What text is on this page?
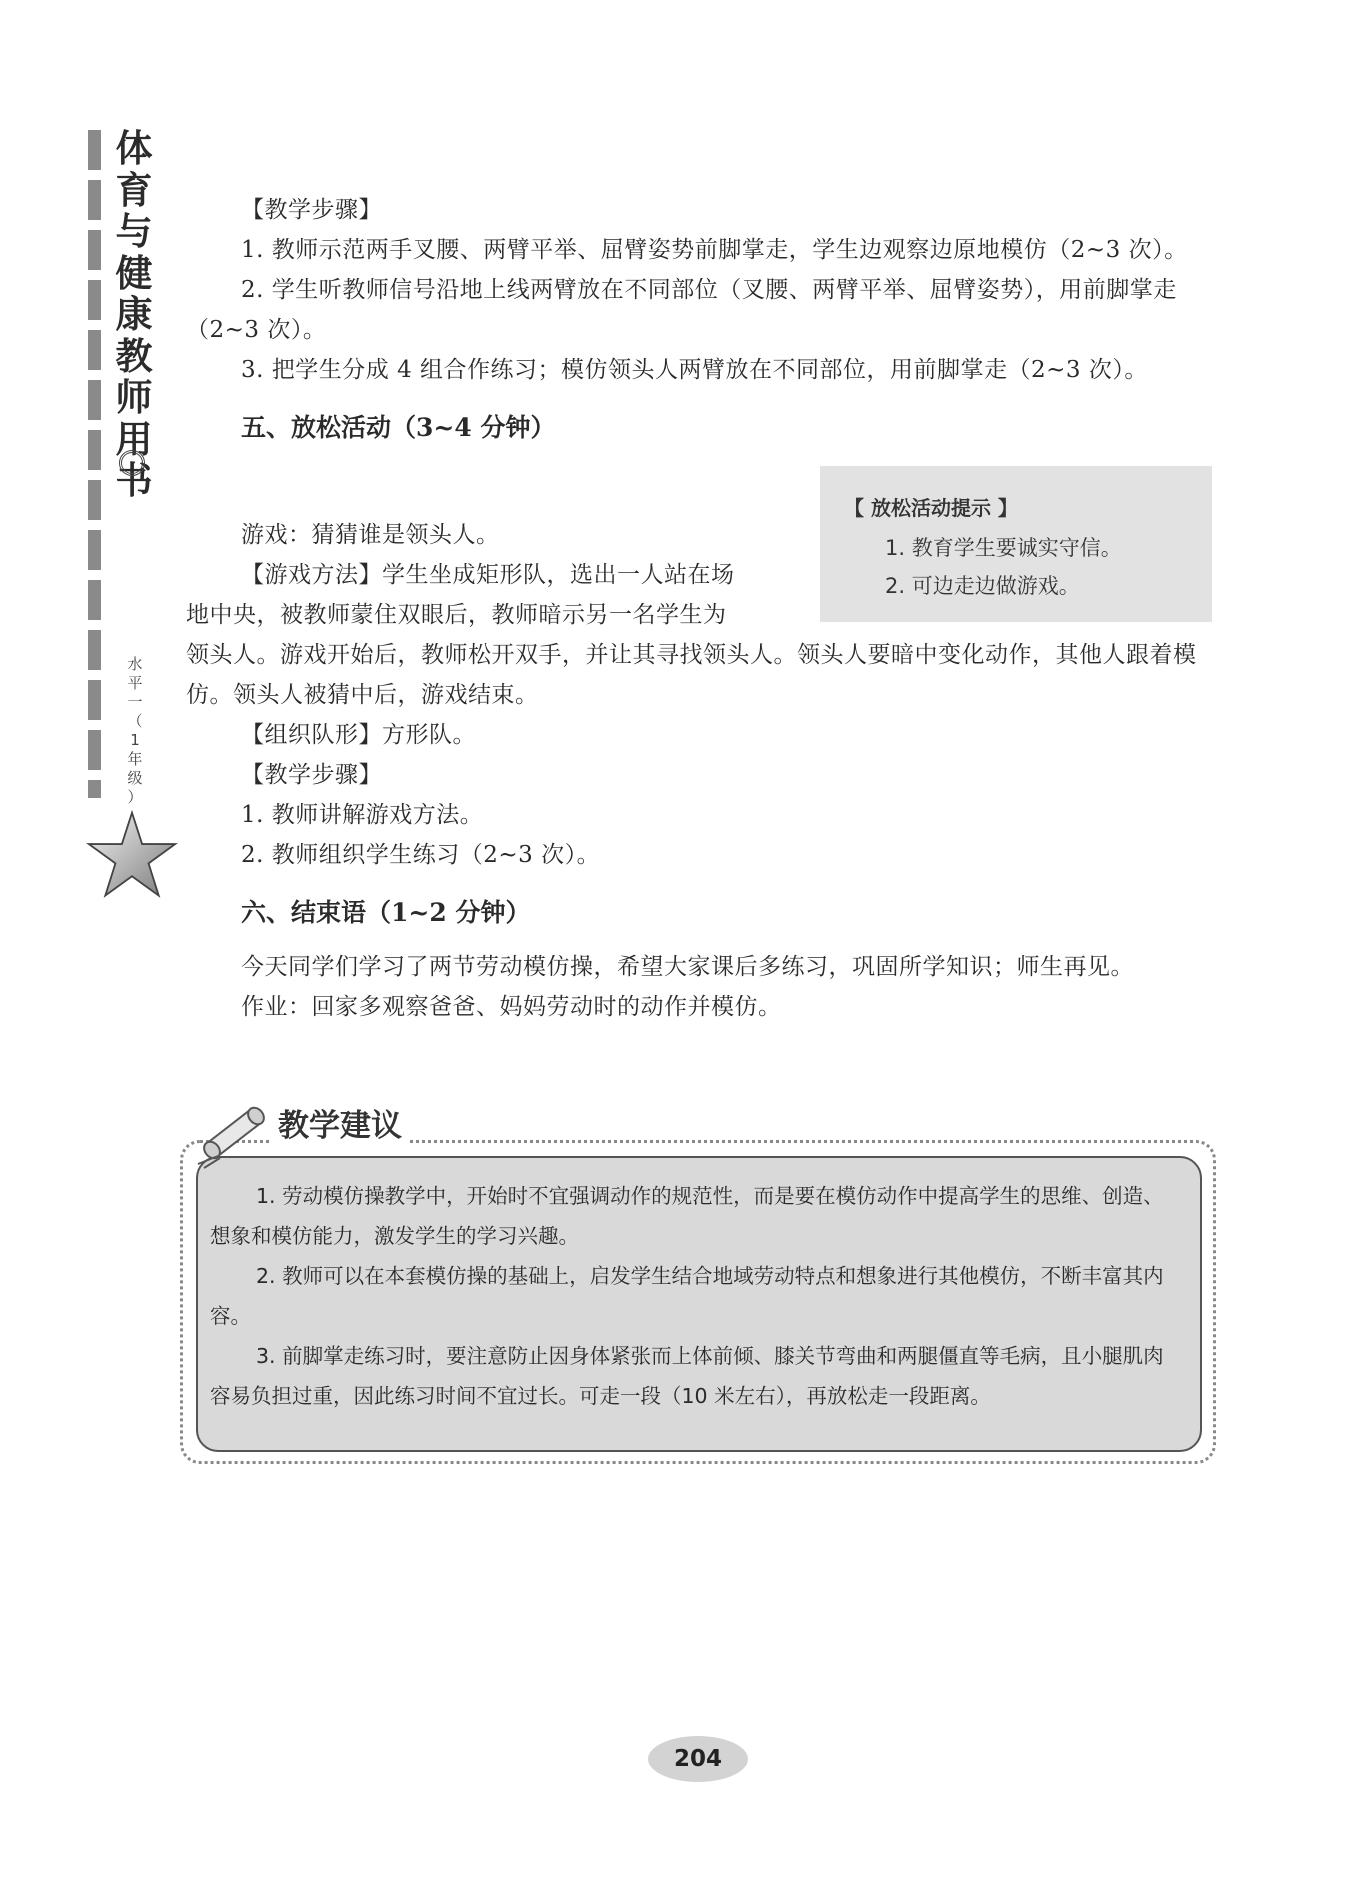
体
育
与
健
康
教
师
用
书
水
平
一
（
1
年
级
）

【教学步骤】

1. 教师示范两手叉腰、两臂平举、屈臂姿势前脚掌走，学生边观察边原地模仿（2~3 次）。

2. 学生听教师信号沿地上线两臂放在不同部位（叉腰、两臂平举、屈臂姿势），用前脚掌走（2~3 次）。

3. 把学生分成 4 组合作练习；模仿领头人两臂放在不同部位，用前脚掌走（2~3 次）。

五、放松活动（3~4 分钟）
【 放松活动提示 】
1. 教育学生要诚实守信。
2. 可边走边做游戏。

游戏：猜猜谁是领头人。

【游戏方法】学生坐成矩形队，选出一人站在场

地中央，被教师蒙住双眼后，教师暗示另一名学生为

领头人。游戏开始后，教师松开双手，并让其寻找领头人。领头人要暗中变化动作，其他人跟着模仿。领头人被猜中后，游戏结束。

【组织队形】方形队。

【教学步骤】

1. 教师讲解游戏方法。

2. 教师组织学生练习（2~3 次）。

六、结束语（1~2 分钟）

今天同学们学习了两节劳动模仿操，希望大家课后多练习，巩固所学知识；师生再见。

作业：回家多观察爸爸、妈妈劳动时的动作并模仿。

教学建议

1. 劳动模仿操教学中，开始时不宜强调动作的规范性，而是要在模仿动作中提高学生的思维、创造、想象和模仿能力，激发学生的学习兴趣。

2. 教师可以在本套模仿操的基础上，启发学生结合地域劳动特点和想象进行其他模仿，不断丰富其内容。

3. 前脚掌走练习时，要注意防止因身体紧张而上体前倾、膝关节弯曲和两腿僵直等毛病，且小腿肌肉容易负担过重，因此练习时间不宜过长。可走一段（10 米左右），再放松走一段距离。

204
